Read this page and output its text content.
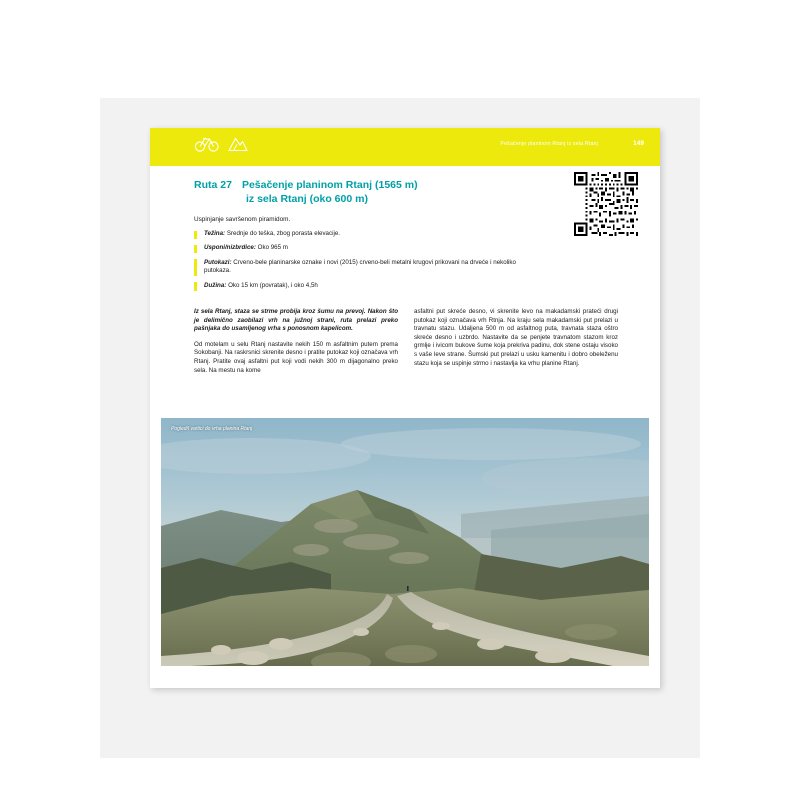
Pešačenje planinom Rtanj iz sela Rtanj	149
Ruta 27 Pešačenje planinom Rtanj (1565 m)
iz sela Rtanj (oko 600 m)
Uspinjanje savršenom piramidom.
Težina: Srednje do teška, zbog porasta elevacije.
Usponi/nizbrdice: Oko 965 m
Putokazi: Crveno-bele planinarske oznake i novi (2015) crveno-beli metalni krugovi prikovani na drveće i nekoliko putokaza.
Dužina: Oko 15 km (povratak), i oko 4,5h

Iz sela Rtanj, staza se strme probija kroz šumu na prevoj. Nakon što je delimično zaobilazi vrh na južnoj strani, ruta prelazi preko pašnjaka do usamljenog vrha s ponosnom kapelicom.

Od motelam u selu Rtanj nastavite nekih 150 m asfaltnim putem prema Sokobanji. Na raskrsnici skrenite desno i pratite putokaz koji označava vrh Rtanj. Pratite ovaj asfaltni put koji vodi nekih 300 m dijagonalno preko sela. Na mestu na kome

asfaltni put skreće desno, vi skrenite levo na makadamski prateći drugi putokaz koji označava vrh Rtnja. Na kraju sela makadamski put prelazi u travnatu stazu. Udaljena 500 m od asfaltnog puta, travnata staza oštro skreće desno i uzbrdo. Nastavite da se penjete travnatom stazom kroz grmlje i ivicom bukove šume koja prekriva padinu, dok stene ostaju visoko s vaše leve strane. Šumski put prelazi u usku kamenitu i dobro obeleženu stazu koja se uspinje strmo i nastavlja ka vrhu planine Rtanj.

Pogled/i vartici do vrha planina Rtanj
